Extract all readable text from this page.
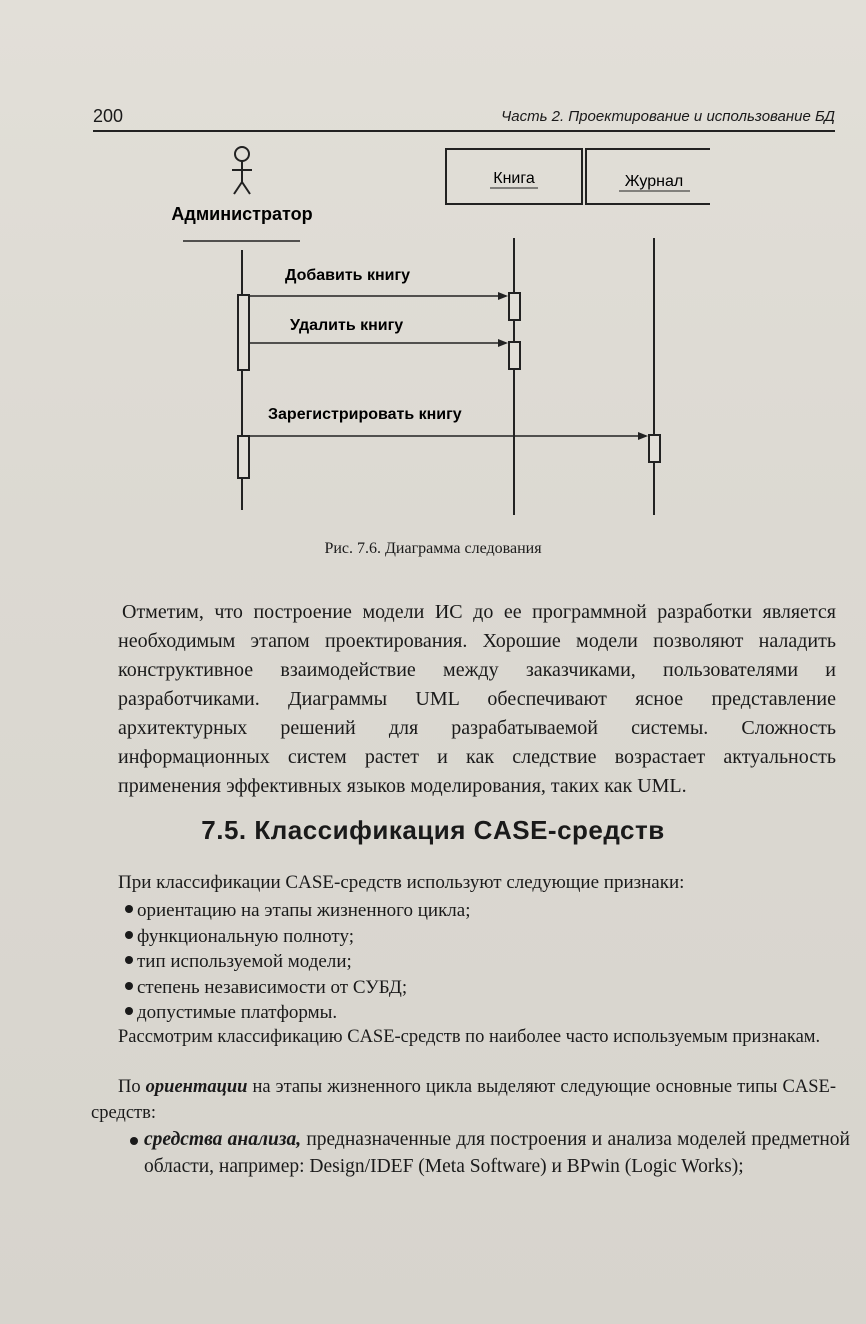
200	Часть 2. Проектирование и использование БД
Администратор
Книга	Журнал
Добавить книгу
Удалить книгу
Зарегистрировать книгу
Рис. 7.6. Диаграмма следования
Отметим, что построение модели ИС до ее программной разработки является необходимым этапом проектирования. Хорошие модели позволяют наладить конструктивное взаимодействие между заказчиками, пользователями и разработчиками. Диаграммы UML обеспечивают ясное представление архитектурных решений для разрабатываемой системы. Сложность информационных систем растет и как следствие возрастает актуальность применения эффективных языков моделирования, таких как UML.
7.5. Классификация CASE-средств
При классификации CASE-средств используют следующие признаки:
ориентацию на этапы жизненного цикла;
функциональную полноту;
тип используемой модели;
степень независимости от СУБД;
допустимые платформы.
Рассмотрим классификацию CASE-средств по наиболее часто используемым признакам.
По ориентации на этапы жизненного цикла выделяют следующие основные типы CASE-средств:
средства анализа, предназначенные для построения и анализа моделей предметной области, например: Design/IDEF (Meta Software) и BPwin (Logic Works);
